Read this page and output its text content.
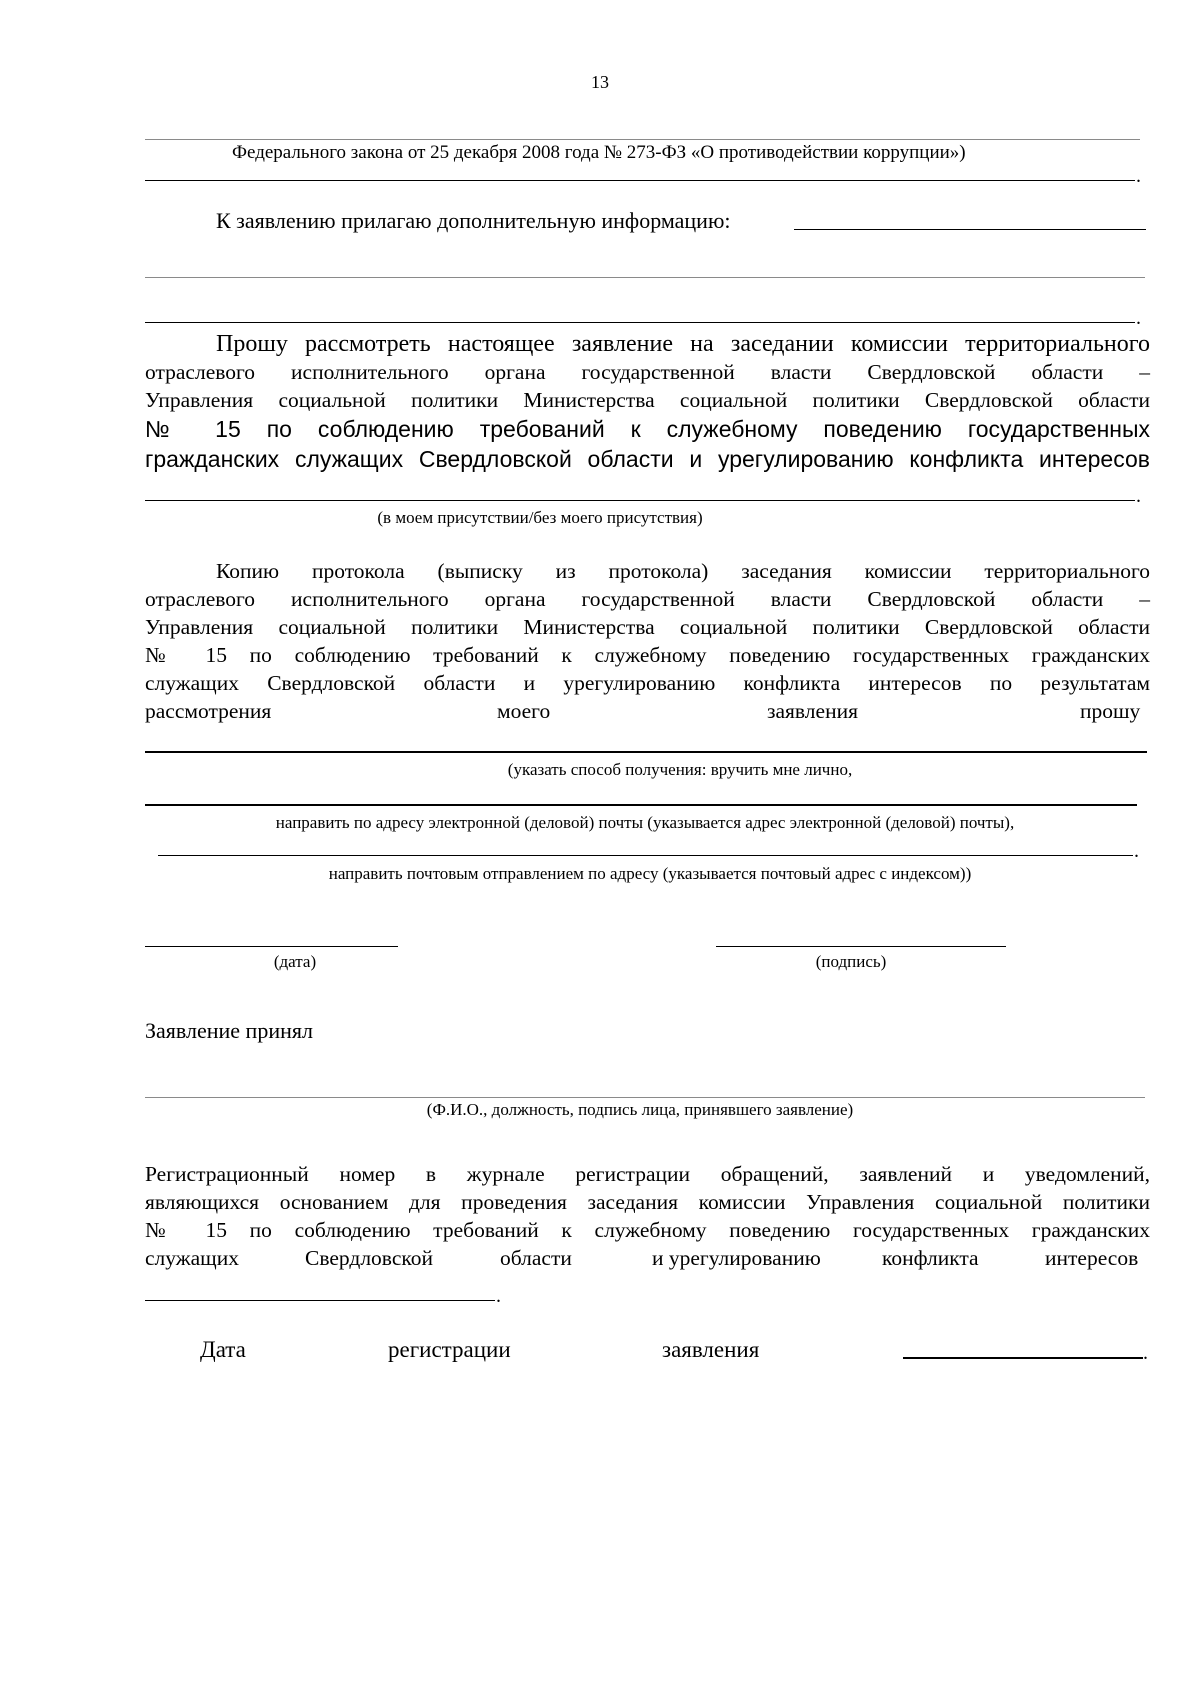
13
Федерального закона от 25 декабря 2008 года № 273-ФЗ «О противодействии коррупции»)
.
К заявлению прилагаю дополнительную информацию:
.
Прошу рассмотреть настоящее заявление на заседании комиссии территориального
отраслевого исполнительного органа государственной власти Свердловской области –
Управления социальной политики Министерства социальной политики Свердловской области
№ 15 по соблюдению требований к служебному поведению государственных
гражданских служащих Свердловской области и урегулированию конфликта интересов
.
(в моем присутствии/без моего присутствия)
Копию протокола (выписку из протокола) заседания комиссии территориального
отраслевого исполнительного органа государственной власти Свердловской области –
Управления социальной политики Министерства социальной политики Свердловской области
№ 15 по соблюдению требований к служебному поведению государственных гражданских
служащих Свердловской области и урегулированию конфликта интересов по результатам
рассмотрения	моего	заявления	прошу
(указать способ получения: вручить мне лично,
направить по адресу электронной (деловой) почты (указывается адрес электронной (деловой) почты),
.
направить почтовым отправлением по адресу (указывается почтовый адрес с индексом))
(дата)	(подпись)
Заявление принял
(Ф.И.О., должность, подпись лица, принявшего заявление)
Регистрационный номер в журнале регистрации обращений, заявлений и уведомлений,
являющихся основанием для проведения заседания комиссии Управления социальной политики
№ 15 по соблюдению требований к служебному поведению государственных гражданских
служащих	Свердловской	области	и урегулированию	конфликта	интересов
.
Дата	регистрации	заявления	.
